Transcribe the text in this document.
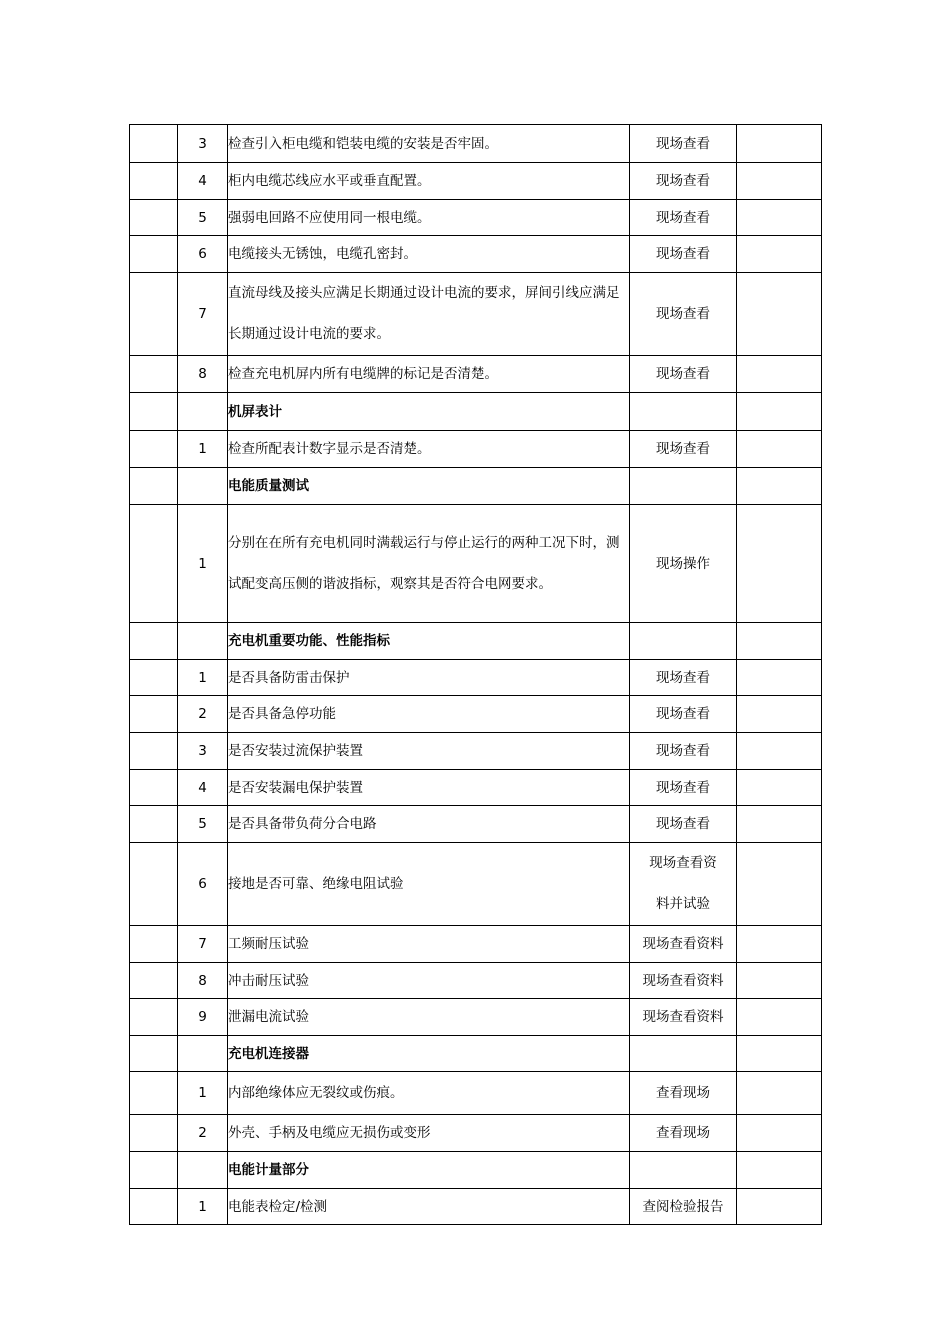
	3	检查引入柜电缆和铠装电缆的安装是否牢固。	现场查看	
	4	柜内电缆芯线应水平或垂直配置。	现场查看	
	5	强弱电回路不应使用同一根电缆。	现场查看	
	6	电缆接头无锈蚀，电缆孔密封。	现场查看	
	7	直流母线及接头应满足长期通过设计电流的要求，屏间引线应满足长期通过设计电流的要求。	现场查看	
	8	检查充电机屏内所有电缆牌的标记是否清楚。	现场查看	
		机屏表计		
	1	检查所配表计数字显示是否清楚。	现场查看	
		电能质量测试		
	1	分别在在所有充电机同时满载运行与停止运行的两种工况下时，测试配变高压侧的谐波指标，观察其是否符合电网要求。	现场操作	
		充电机重要功能、性能指标		
	1	是否具备防雷击保护	现场查看	
	2	是否具备急停功能	现场查看	
	3	是否安装过流保护装置	现场查看	
	4	是否安装漏电保护装置	现场查看	
	5	是否具备带负荷分合电路	现场查看	
	6	接地是否可靠、绝缘电阻试验	现场查看资料并试验	
	7	工频耐压试验	现场查看资料	
	8	冲击耐压试验	现场查看资料	
	9	泄漏电流试验	现场查看资料	
		充电机连接器		
	1	内部绝缘体应无裂纹或伤痕。	查看现场	
	2	外壳、手柄及电缆应无损伤或变形	查看现场	
		电能计量部分		
	1	电能表检定/检测	查阅检验报告	
